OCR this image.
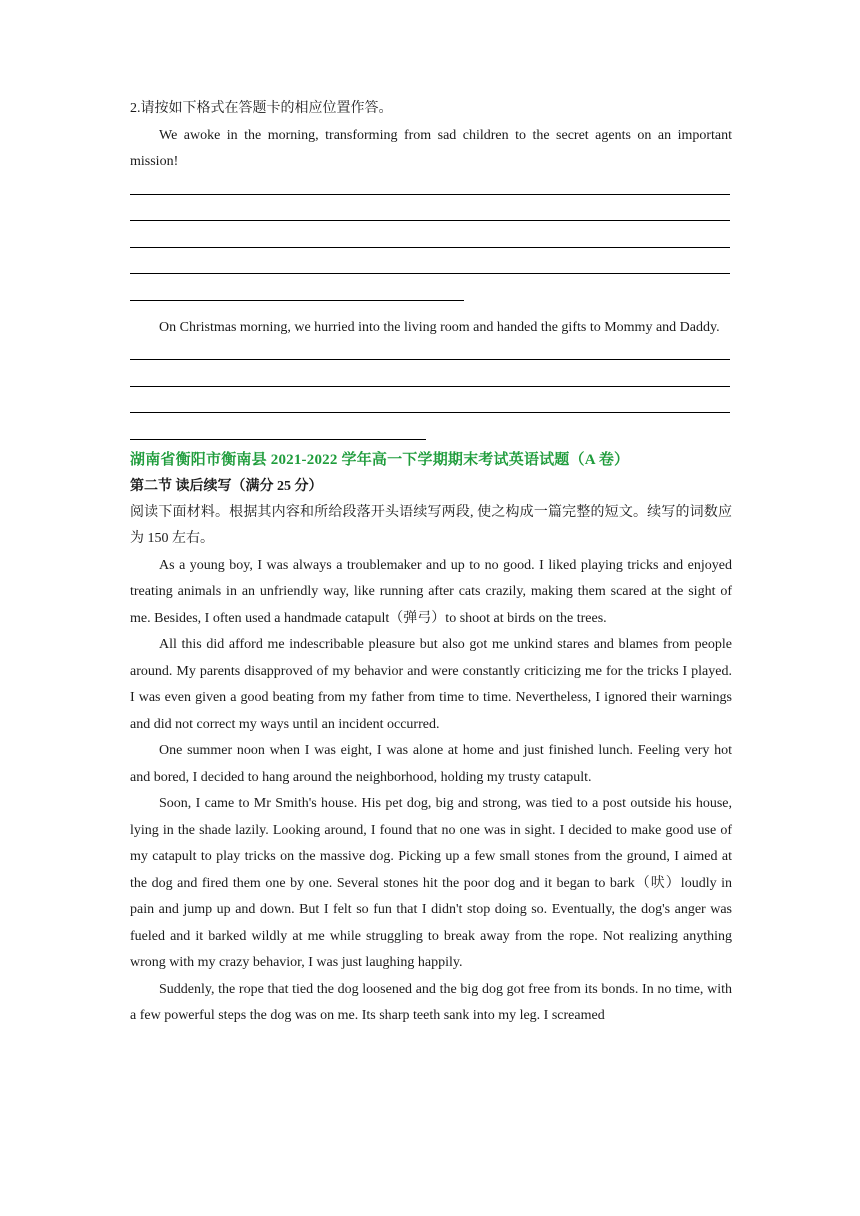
2.请按如下格式在答题卡的相应位置作答。

We awoke in the morning, transforming from sad children to the secret agents on an important mission!

On Christmas morning, we hurried into the living room and handed the gifts to Mommy and Daddy.

湖南省衡阳市衡南县 2021-2022 学年高一下学期期末考试英语试题（A 卷）

第二节 读后续写（满分 25 分）

阅读下面材料。根据其内容和所给段落开头语续写两段, 使之构成一篇完整的短文。续写的词数应为 150 左右。

As a young boy, I was always a troublemaker and up to no good. I liked playing tricks and enjoyed treating animals in an unfriendly way, like running after cats crazily, making them scared at the sight of me. Besides, I often used a handmade catapult（弹弓）to shoot at birds on the trees.

All this did afford me indescribable pleasure but also got me unkind stares and blames from people around. My parents disapproved of my behavior and were constantly criticizing me for the tricks I played. I was even given a good beating from my father from time to time. Nevertheless, I ignored their warnings and did not correct my ways until an incident occurred.

One summer noon when I was eight, I was alone at home and just finished lunch. Feeling very hot and bored, I decided to hang around the neighborhood, holding my trusty catapult.

Soon, I came to Mr Smith's house. His pet dog, big and strong, was tied to a post outside his house, lying in the shade lazily. Looking around, I found that no one was in sight. I decided to make good use of my catapult to play tricks on the massive dog. Picking up a few small stones from the ground, I aimed at the dog and fired them one by one. Several stones hit the poor dog and it began to bark（吠）loudly in pain and jump up and down. But I felt so fun that I didn't stop doing so. Eventually, the dog's anger was fueled and it barked wildly at me while struggling to break away from the rope. Not realizing anything wrong with my crazy behavior, I was just laughing happily.

Suddenly, the rope that tied the dog loosened and the big dog got free from its bonds. In no time, with a few powerful steps the dog was on me. Its sharp teeth sank into my leg. I screamed
